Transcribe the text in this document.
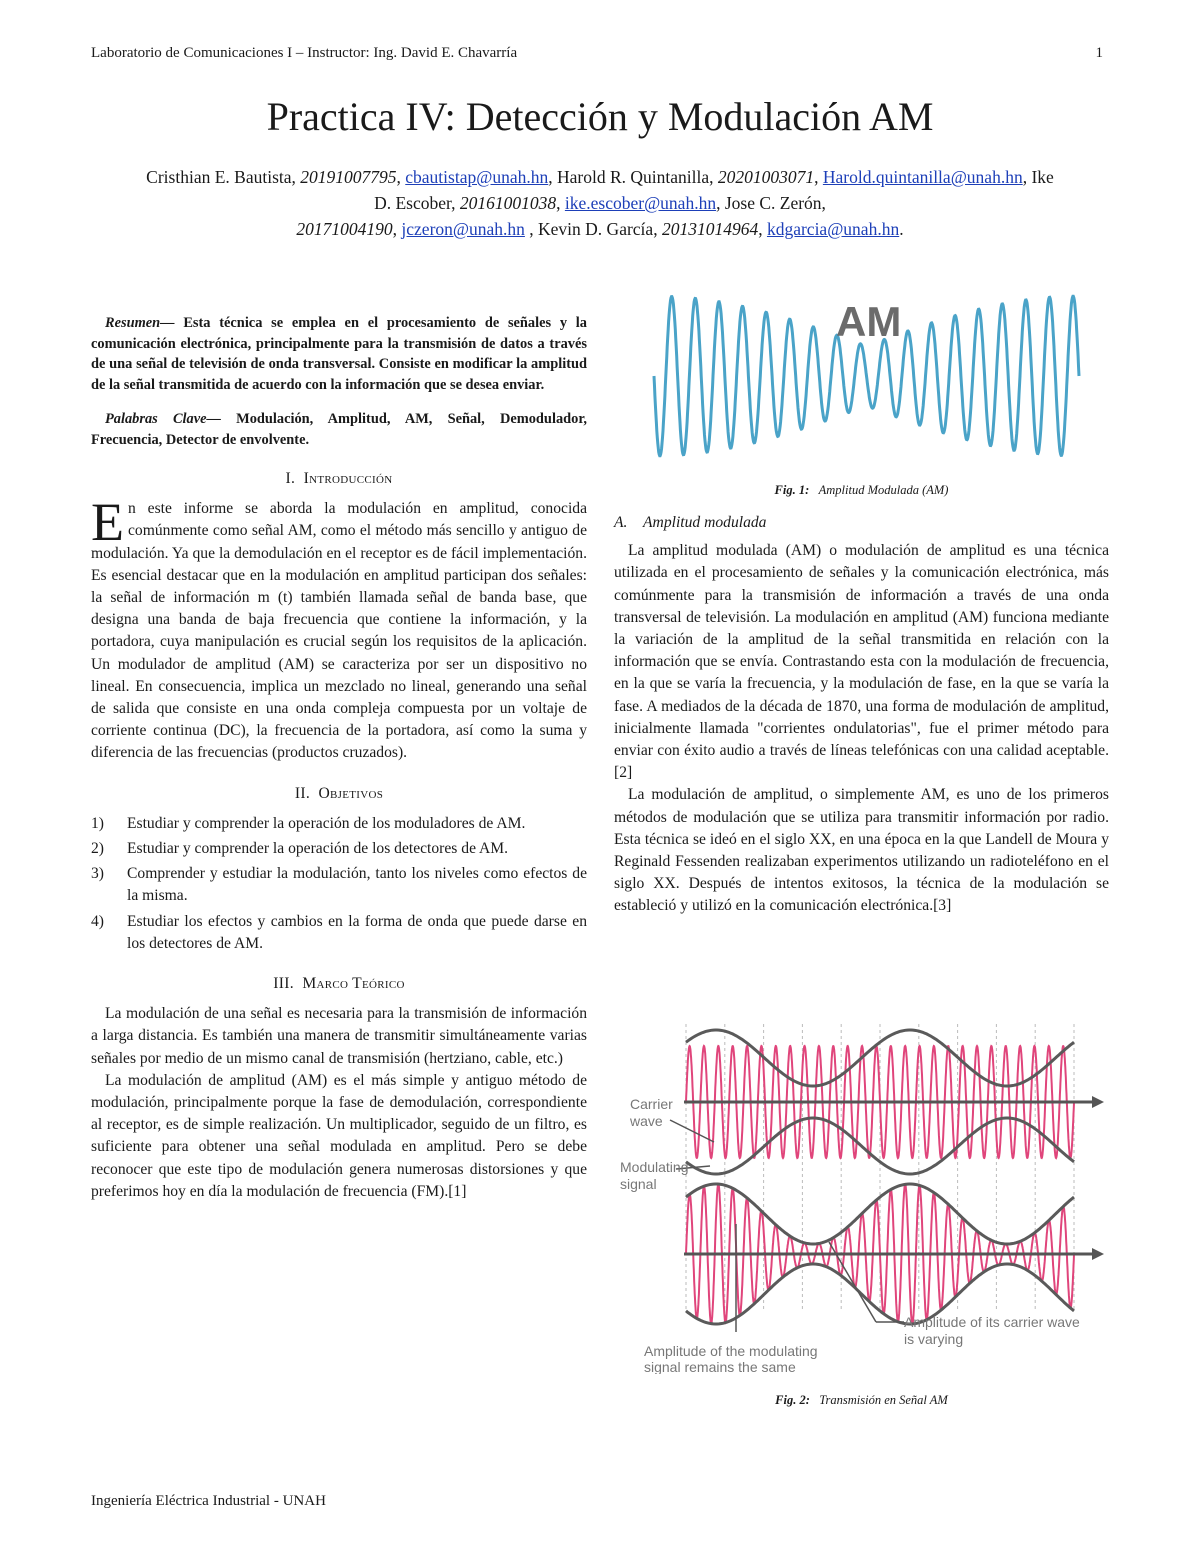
Laboratorio de Comunicaciones I – Instructor: Ing. David E. Chavarría	1
Practica IV: Detección y Modulación AM
Cristhian E. Bautista, 20191007795, cbautistap@unah.hn, Harold R. Quintanilla, 20201003071, Harold.quintanilla@unah.hn, Ike D. Escober, 20161001038, ike.escober@unah.hn, Jose C. Zerón,
20171004190, jczeron@unah.hn , Kevin D. García, 20131014964, kdgarcia@unah.hn.

Resumen— Esta técnica se emplea en el procesamiento de señales y la comunicación electrónica, principalmente para la transmisión de datos a través de una señal de televisión de onda transversal. Consiste en modificar la amplitud de la señal transmitida de acuerdo con la información que se desea enviar.

Palabras Clave— Modulación, Amplitud, AM, Señal, Demodulador, Frecuencia, Detector de envolvente.

I. Introducción

En este informe se aborda la modulación en amplitud, conocida comúnmente como señal AM, como el método más sencillo y antiguo de modulación. Ya que la demodulación en el receptor es de fácil implementación. Es esencial destacar que en la modulación en amplitud participan dos señales: la señal de información m (t) también llamada señal de banda base, que designa una banda de baja frecuencia que contiene la información, y la portadora, cuya manipulación es crucial según los requisitos de la aplicación. Un modulador de amplitud (AM) se caracteriza por ser un dispositivo no lineal. En consecuencia, implica un mezclado no lineal, generando una señal de salida que consiste en una onda compleja compuesta por un voltaje de corriente continua (DC), la frecuencia de la portadora, así como la suma y diferencia de las frecuencias (productos cruzados).

II. Objetivos
1) Estudiar y comprender la operación de los moduladores de AM.
2) Estudiar y comprender la operación de los detectores de AM.
3) Comprender y estudiar la modulación, tanto los niveles como efectos de la misma.
4) Estudiar los efectos y cambios en la forma de onda que puede darse en los detectores de AM.
III. Marco Teórico

La modulación de una señal es necesaria para la transmisión de información a larga distancia. Es también una manera de transmitir simultáneamente varias señales por medio de un mismo canal de transmisión (hertziano, cable, etc.)

La modulación de amplitud (AM) es el más simple y antiguo método de modulación, principalmente porque la fase de demodulación, correspondiente al receptor, es de simple realización. Un multiplicador, seguido de un filtro, es suficiente para obtener una señal modulada en amplitud. Pero se debe reconocer que este tipo de modulación genera numerosas distorsiones y que preferimos hoy en día la modulación de frecuencia (FM).[1]

AM
Fig. 1: Amplitud Modulada (AM)
A. Amplitud modulada

La amplitud modulada (AM) o modulación de amplitud es una técnica utilizada en el procesamiento de señales y la comunicación electrónica, más comúnmente para la transmisión de información a través de una onda transversal de televisión. La modulación en amplitud (AM) funciona mediante la variación de la amplitud de la señal transmitida en relación con la información que se envía. Contrastando esta con la modulación de frecuencia, en la que se varía la frecuencia, y la modulación de fase, en la que se varía la fase. A mediados de la década de 1870, una forma de modulación de amplitud, inicialmente llamada "corrientes ondulatorias", fue el primer método para enviar con éxito audio a través de líneas telefónicas con una calidad aceptable. [2]

La modulación de amplitud, o simplemente AM, es uno de los primeros métodos de modulación que se utiliza para transmitir información por radio. Esta técnica se ideó en el siglo XX, en una época en la que Landell de Moura y Reginald Fessenden realizaban experimentos utilizando un radioteléfono en el siglo XX. Después de intentos exitosos, la técnica de la modulación se estableció y utilizó en la comunicación electrónica.[3]

Carrier
wave
Modulating
signal
Amplitude of the modulating
signal remains the same
Amplitude of its carrier wave
is varying
Fig. 2: Transmisión en Señal AM
Ingeniería Eléctrica Industrial - UNAH
